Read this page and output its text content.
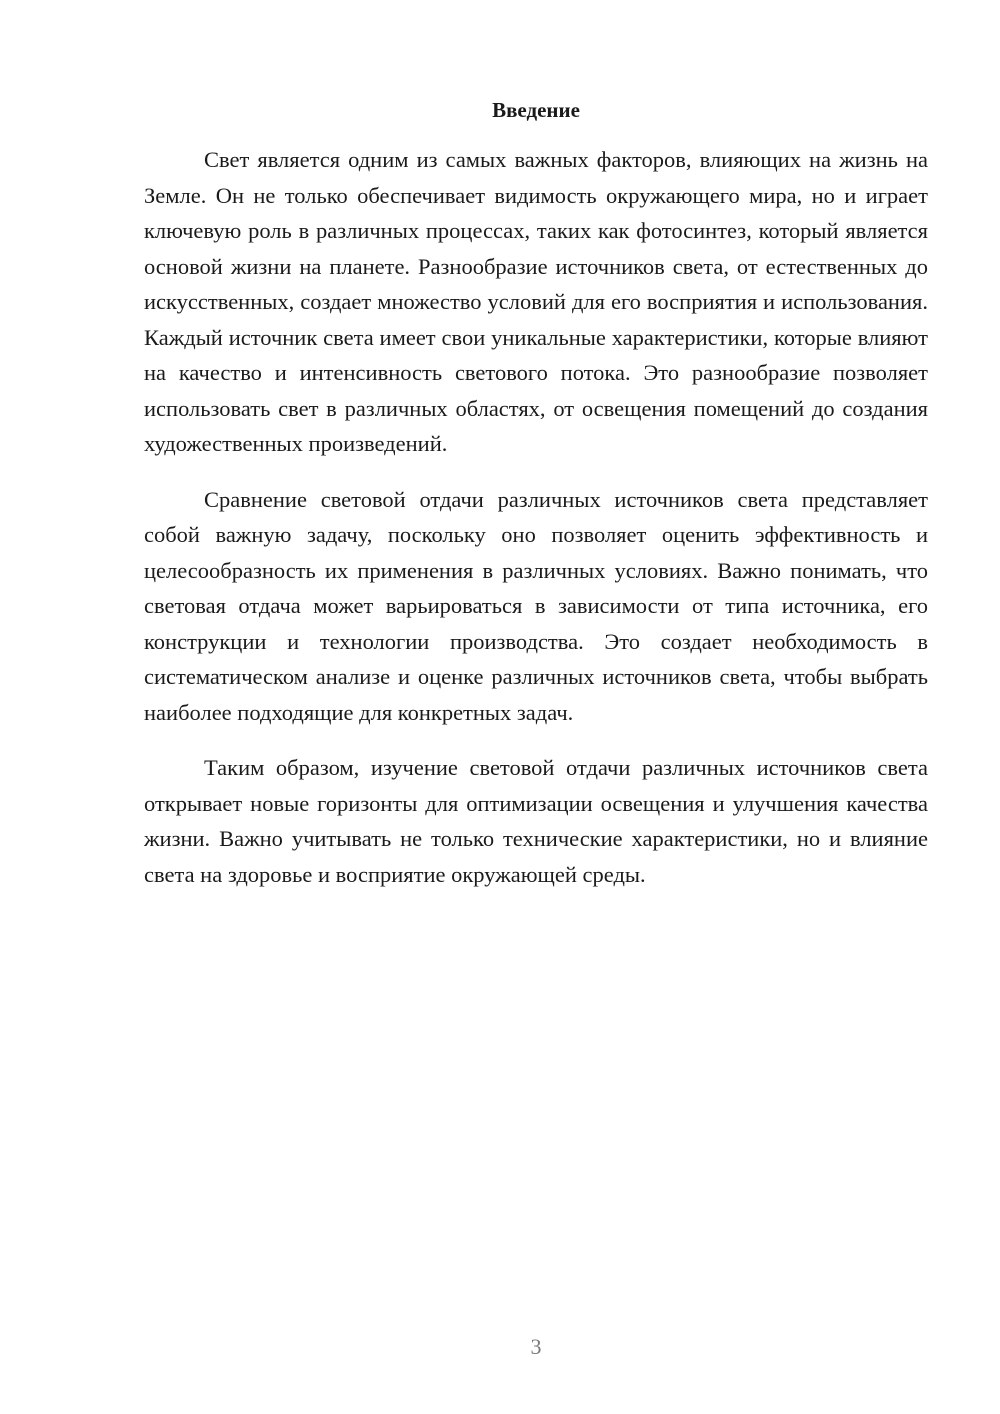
Введение

Свет является одним из самых важных факторов, влияющих на жизнь на Земле. Он не только обеспечивает видимость окружающего мира, но и играет ключевую роль в различных процессах, таких как фотосинтез, который является основой жизни на планете. Разнообразие источников света, от естественных до искусственных, создает множество условий для его восприятия и использования. Каждый источник света имеет свои уникальные характеристики, которые влияют на качество и интенсивность светового потока. Это разнообразие позволяет использовать свет в различных областях, от освещения помещений до создания художественных произведений.

Сравнение световой отдачи различных источников света представляет собой важную задачу, поскольку оно позволяет оценить эффективность и целесообразность их применения в различных условиях. Важно понимать, что световая отдача может варьироваться в зависимости от типа источника, его конструкции и технологии производства. Это создает необходимость в систематическом анализе и оценке различных источников света, чтобы выбрать наиболее подходящие для конкретных задач.

Таким образом, изучение световой отдачи различных источников света открывает новые горизонты для оптимизации освещения и улучшения качества жизни. Важно учитывать не только технические характеристики, но и влияние света на здоровье и восприятие окружающей среды.

3
